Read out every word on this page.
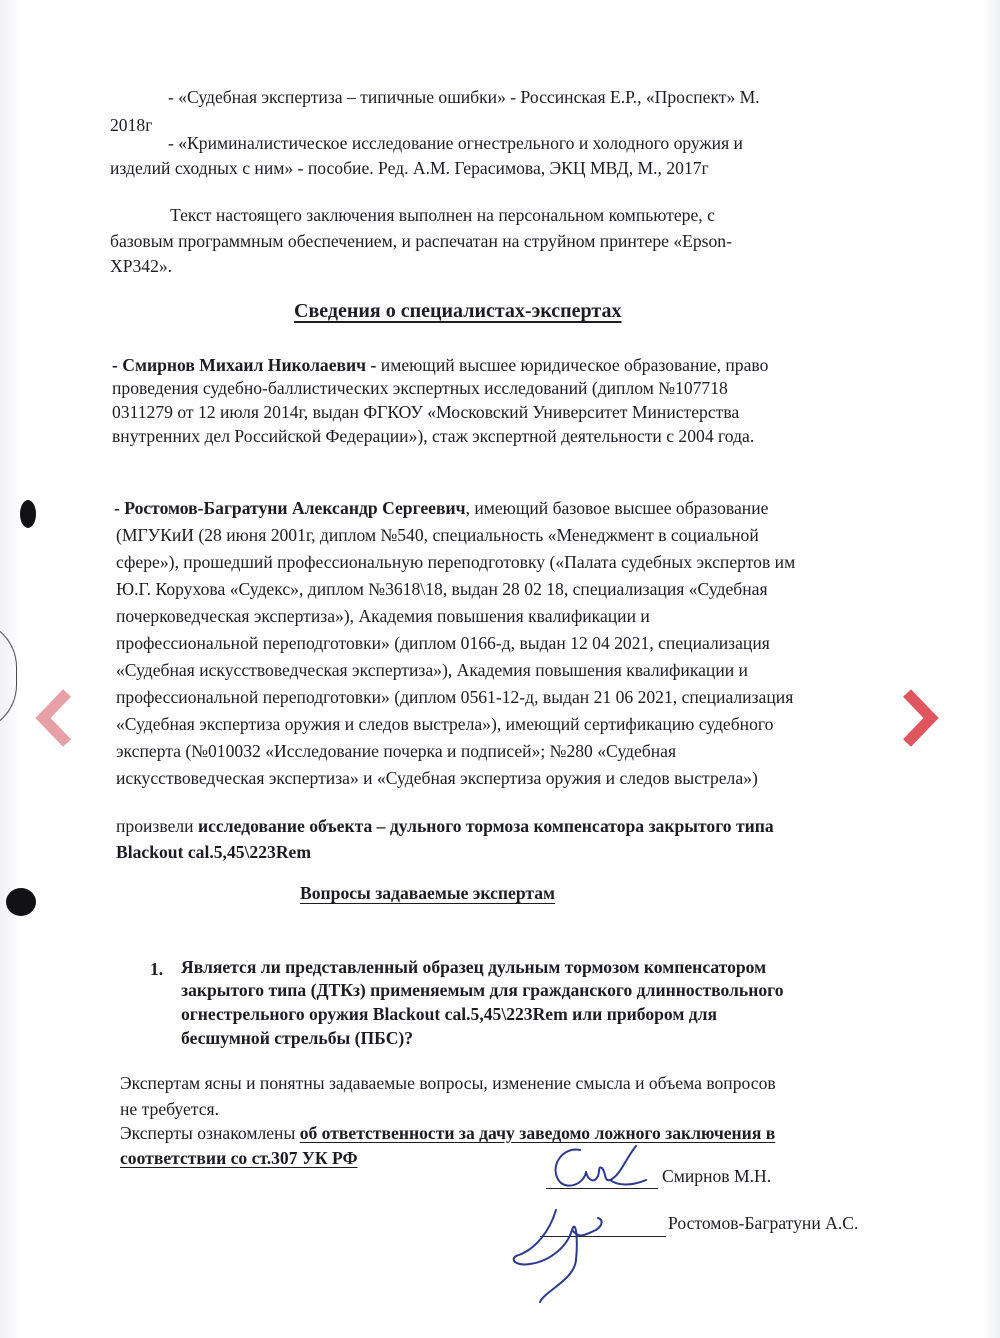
- «Судебная экспертиза – типичные ошибки» - Россинская Е.Р., «Проспект» М.
2018г
- «Криминалистическое исследование огнестрельного и холодного оружия и
изделий сходных с ним» - пособие. Ред. А.М. Герасимова, ЭКЦ МВД, М., 2017г
Текст настоящего заключения выполнен на персональном компьютере, с
базовым программным обеспечением, и распечатан на струйном принтере «Epson-
XP342».
Сведения о специалистах-экспертах
- Смирнов Михаил Николаевич - имеющий высшее юридическое образование, право
проведения судебно-баллистических экспертных исследований (диплом №107718
0311279 от 12 июля 2014г, выдан ФГКОУ «Московский Университет Министерства
внутренних дел Российской Федерации»), стаж экспертной деятельности с 2004 года.
- Ростомов-Багратуни Александр Сергеевич, имеющий базовое высшее образование
(МГУКиИ (28 июня 2001г, диплом №540, специальность «Менеджмент в социальной
сфере»), прошедший профессиональную переподготовку («Палата судебных экспертов им
Ю.Г. Корухова «Судекс», диплом №3618\18, выдан 28 02 18, специализация «Судебная
почерковедческая экспертиза»), Академия повышения квалификации и
профессиональной переподготовки» (диплом 0166-д, выдан 12 04 2021, специализация
«Судебная искусствоведческая экспертиза»), Академия повышения квалификации и
профессиональной переподготовки» (диплом 0561-12-д, выдан 21 06 2021, специализация
«Судебная экспертиза оружия и следов выстрела»), имеющий сертификацию судебного
эксперта (№010032 «Исследование почерка и подписей»; №280 «Судебная
искусствоведческая экспертиза» и «Судебная экспертиза оружия и следов выстрела»)
произвели исследование объекта – дульного тормоза компенсатора закрытого типа
Blackout cal.5,45\223Rem
Вопросы задаваемые экспертам
1. Является ли представленный образец дульным тормозом компенсатором
закрытого типа (ДТКз) применяемым для гражданского длинноствольного
огнестрельного оружия Blackout cal.5,45\223Rem или прибором для
бесшумной стрельбы (ПБС)?
Экспертам ясны и понятны задаваемые вопросы, изменение смысла и объема вопросов
не требуется.
Эксперты ознакомлены об ответственности за дачу заведомо ложного заключения в
соответствии со ст.307 УК РФ
Смирнов М.Н.
Ростомов-Багратуни А.С.
